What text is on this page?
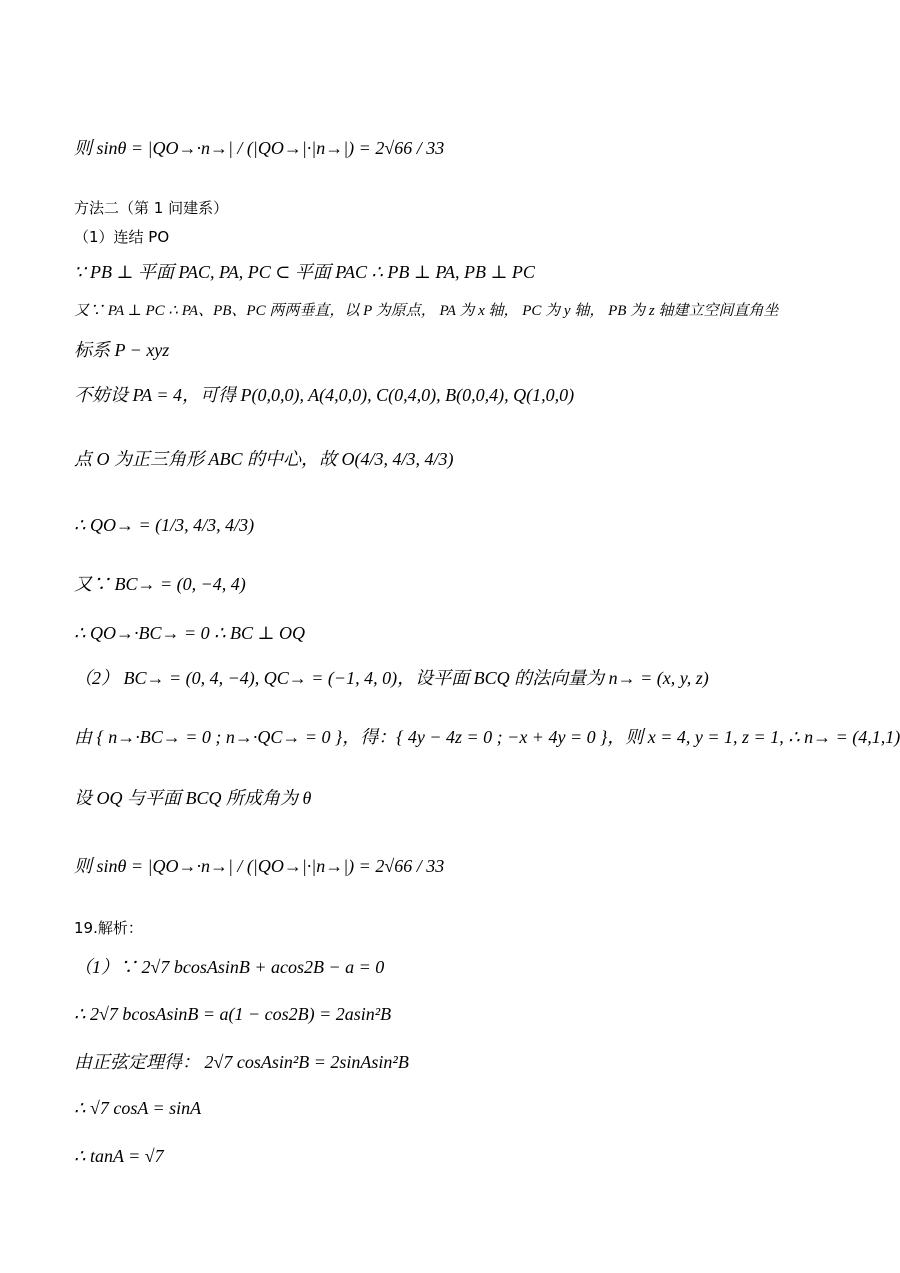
则 sinθ = |QO→·n→| / (|QO→|·|n→|) = 2√66 / 33
方法二（第 1 问建系）
（1）连结 PO
∵ PB ⊥ 平面 PAC, PA, PC ⊂ 平面 PAC ∴ PB ⊥ PA, PB ⊥ PC
又∵ PA ⊥ PC ∴ PA、PB、PC 两两垂直，以 P 为原点， PA 为 x 轴， PC 为 y 轴， PB 为 z 轴建立空间直角坐
标系 P − xyz
不妨设 PA = 4，可得 P(0,0,0), A(4,0,0), C(0,4,0), B(0,0,4), Q(1,0,0)
点 O 为正三角形 ABC 的中心，故 O(4/3, 4/3, 4/3)
∴ QO→ = (1/3, 4/3, 4/3)
又∵ BC→ = (0, −4, 4)
∴ QO→·BC→ = 0 ∴ BC ⊥ OQ
（2） BC→ = (0, 4, −4), QC→ = (−1, 4, 0)，设平面 BCQ 的法向量为 n→ = (x, y, z)
由 { n→·BC→ = 0 ; n→·QC→ = 0 }，得：{ 4y − 4z = 0 ; −x + 4y = 0 }，则 x = 4, y = 1, z = 1, ∴ n→ = (4,1,1)
设 OQ 与平面 BCQ 所成角为 θ
则 sinθ = |QO→·n→| / (|QO→|·|n→|) = 2√66 / 33
19.解析：
（1）∵ 2√7 bcosAsinB + acos2B − a = 0
∴ 2√7 bcosAsinB = a(1 − cos2B) = 2asin²B
由正弦定理得： 2√7 cosAsin²B = 2sinAsin²B
∴ √7 cosA = sinA
∴ tanA = √7
